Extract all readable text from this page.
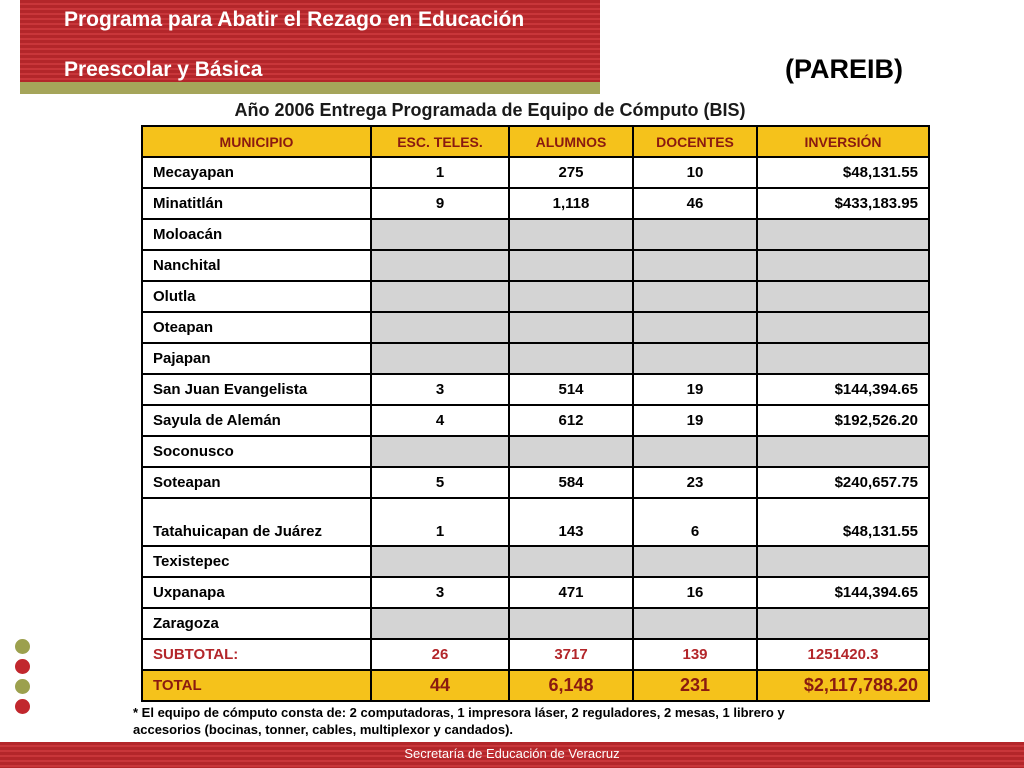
Programa para Abatir el Rezago en Educación
Preescolar y Básica	(PAREIB)
Año 2006 Entrega Programada de Equipo de Cómputo (BIS)
MUNICIPIO	ESC. TELES.	ALUMNOS	DOCENTES	INVERSIÓN
Mecayapan	1	275	10	$48,131.55
Minatitlán	9	1,118	46	$433,183.95
Moloacán				
Nanchital				
Olutla				
Oteapan				
Pajapan				
San Juan Evangelista	3	514	19	$144,394.65
Sayula de Alemán	4	612	19	$192,526.20
Soconusco				
Soteapan	5	584	23	$240,657.75
Tatahuicapan de Juárez	1	143	6	$48,131.55
Texistepec				
Uxpanapa	3	471	16	$144,394.65
Zaragoza				
SUBTOTAL:	26	3717	139	1251420.3
TOTAL	44	6,148	231	$2,117,788.20
* El equipo de cómputo consta de: 2 computadoras, 1 impresora láser, 2 reguladores, 2 mesas, 1 librero y accesorios (bocinas, tonner, cables, multiplexor y candados).
Secretaría de Educación de Veracruz
